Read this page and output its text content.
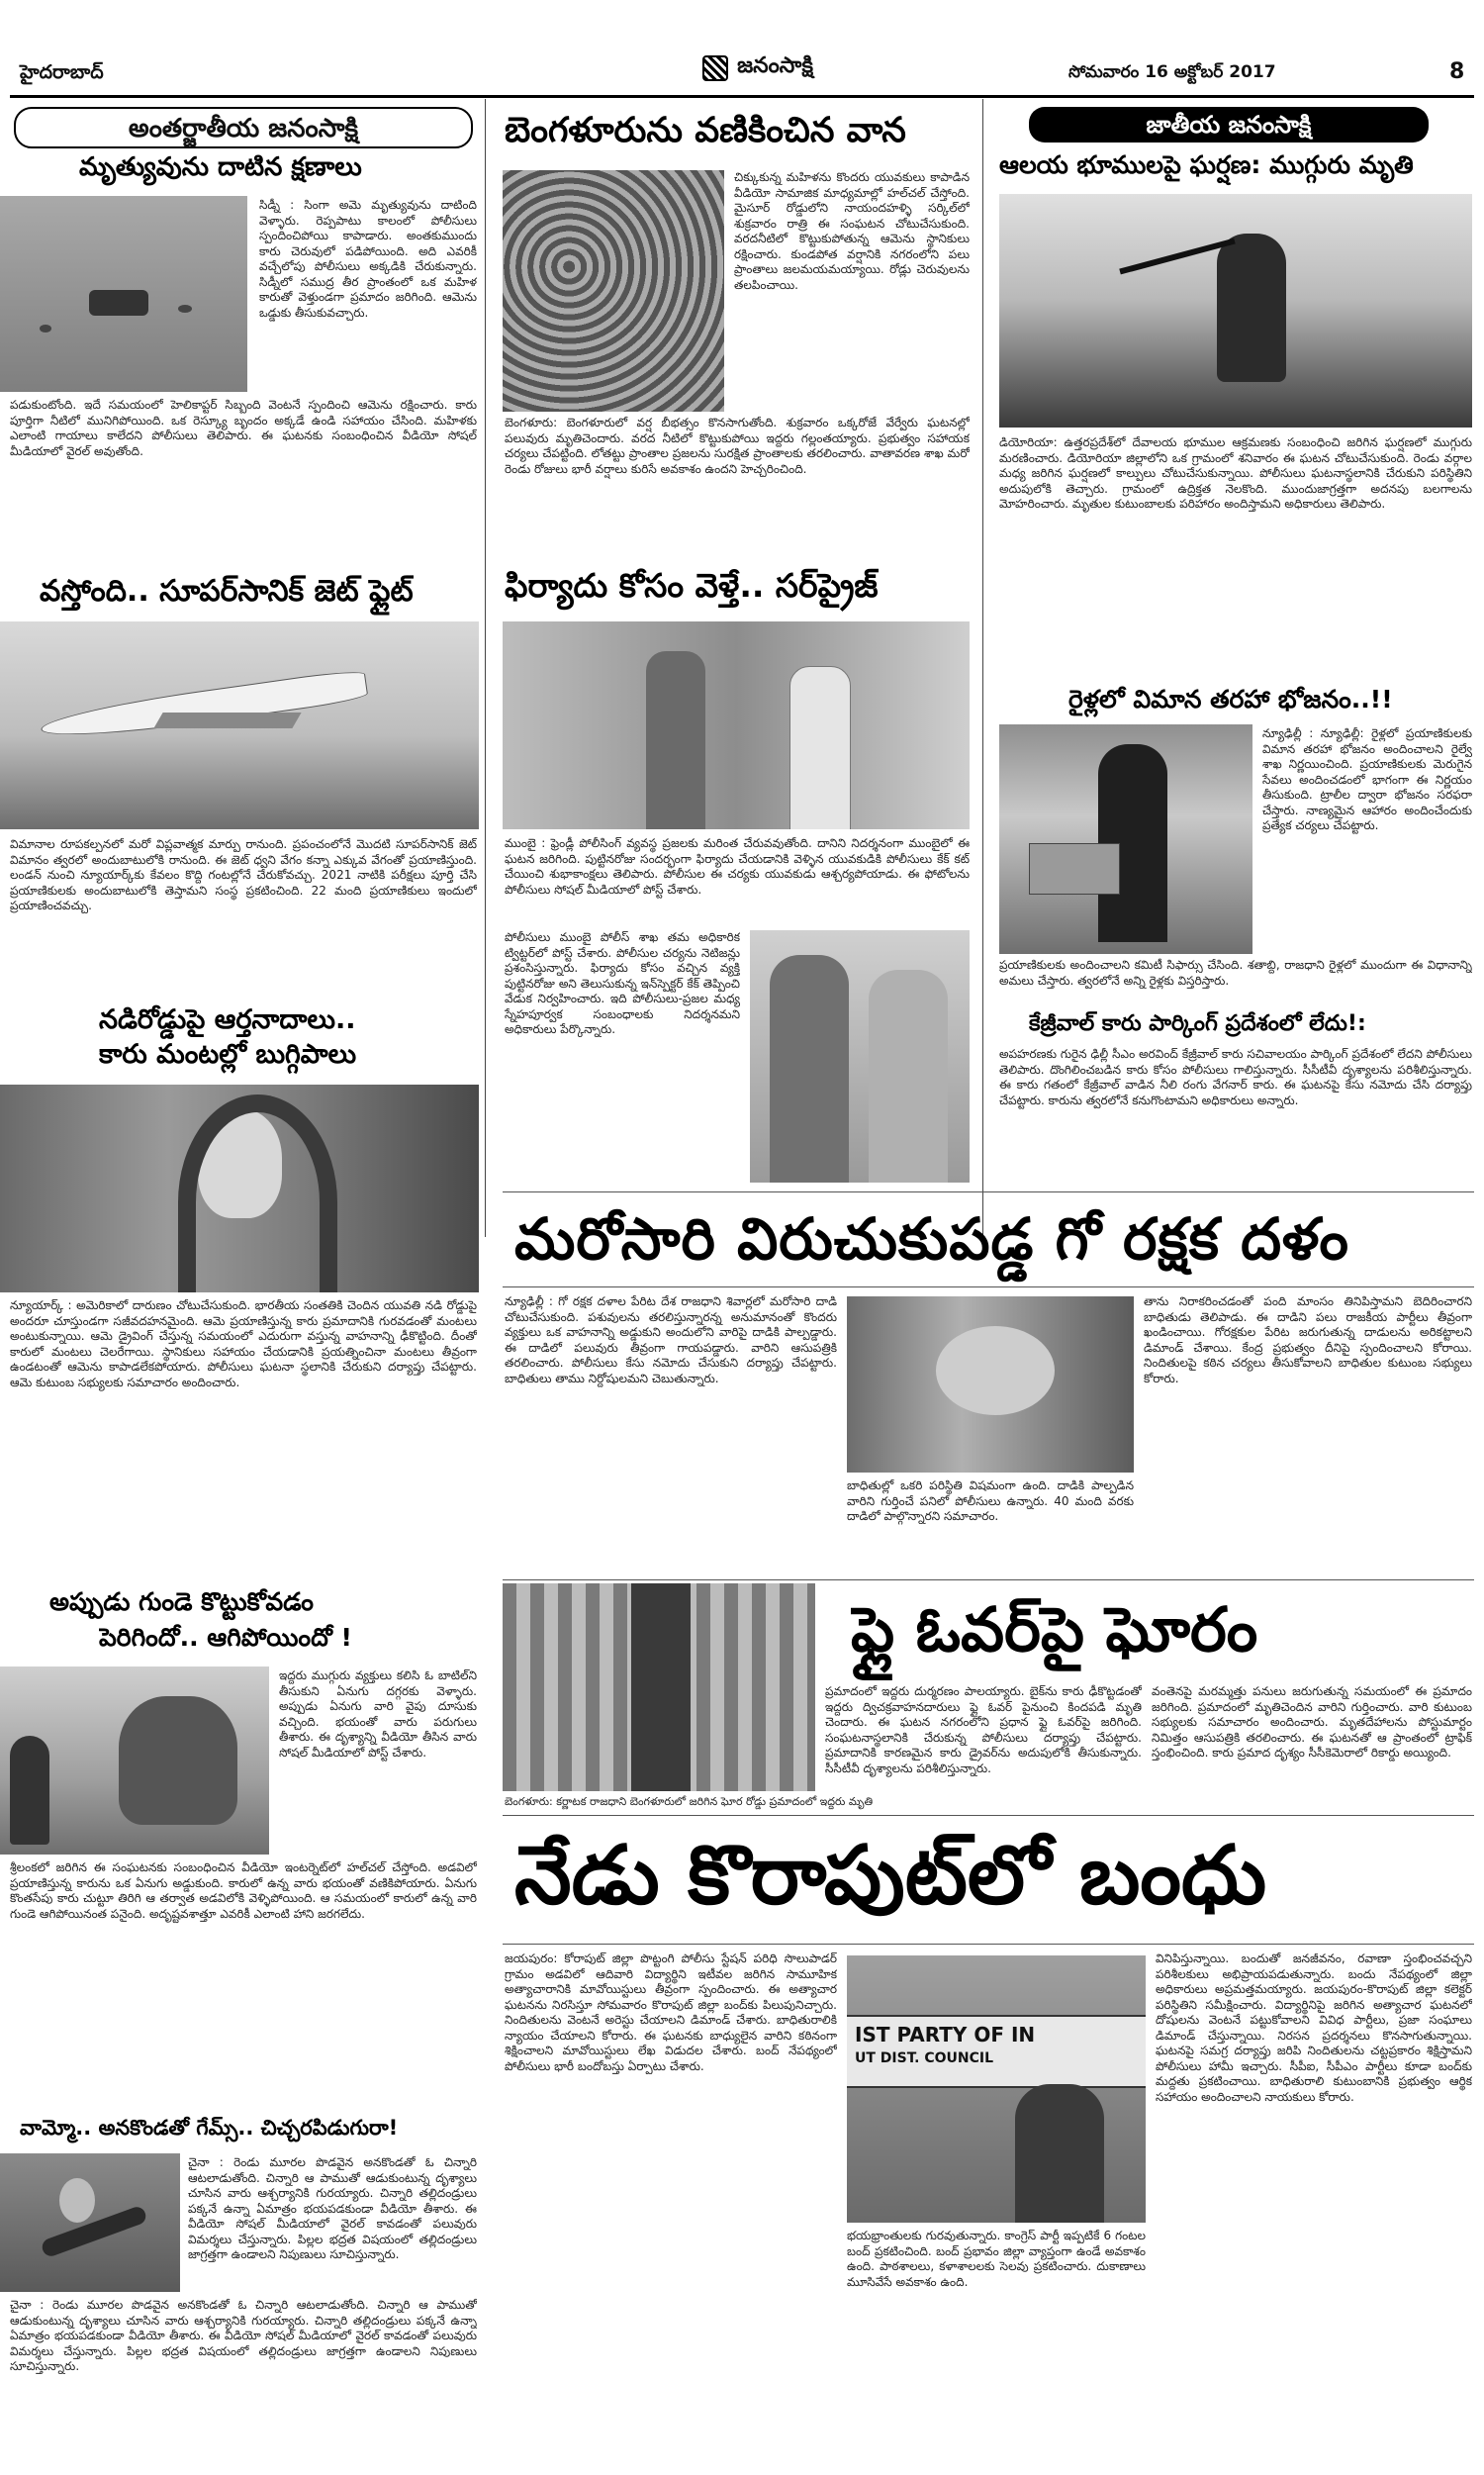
హైదరాబాద్	జనంసాక్షి	సోమవారం 16 అక్టోబర్ 2017	8
అంతర్జాతీయ జనంసాక్షి
మృత్యువును దాటిన క్షణాలు
సిడ్నీ : సింగా అమె మృత్యువును దాటింది వెళ్ళారు. రెప్పపాటు కాలంలో పోలీసులు స్పందించిపోయి కాపాడారు. అంతకుముందు కారు చెరువులో పడిపోయింది. అది ఎవరికీ వచ్చేలోపు పోలీసులు అక్కడికి చేరుకున్నారు. సిడ్నీలో సముద్ర తీర ప్రాంతంలో ఒక మహిళ కారుతో వెళ్తుండగా ప్రమాదం జరిగింది. ఆమెను ఒడ్డుకు తీసుకువచ్చారు.
పడుకుంటోంది. ఇదే సమయంలో హెలికాప్టర్ సిబ్బంది వెంటనే స్పందించి ఆమెను రక్షించారు. కారు పూర్తిగా నీటిలో మునిగిపోయింది. ఒక రెస్క్యూ బృందం అక్కడే ఉండి సహాయం చేసింది. మహిళకు ఎలాంటి గాయాలు కాలేదని పోలీసులు తెలిపారు. ఈ ఘటనకు సంబంధించిన వీడియో సోషల్ మీడియాలో వైరల్ అవుతోంది.
వస్తోంది.. సూపర్‌సానిక్ జెట్ ఫ్లైట్
విమానాల రూపకల్పనలో మరో విప్లవాత్మక మార్పు రానుంది. ప్రపంచంలోనే మొదటి సూపర్‌సానిక్ జెట్ విమానం త్వరలో అందుబాటులోకి రానుంది. ఈ జెట్ ధ్వని వేగం కన్నా ఎక్కువ వేగంతో ప్రయాణిస్తుంది. లండన్ నుంచి న్యూయార్క్‌కు కేవలం కొద్ది గంటల్లోనే చేరుకోవచ్చు. 2021 నాటికి పరీక్షలు పూర్తి చేసి ప్రయాణికులకు అందుబాటులోకి తెస్తామని సంస్థ ప్రకటించింది. 22 మంది ప్రయాణికులు ఇందులో ప్రయాణించవచ్చు.
నడిరోడ్డుపై ఆర్తనాదాలు..
కారు మంటల్లో బుగ్గిపాలు
న్యూయార్క్ : అమెరికాలో దారుణం చోటుచేసుకుంది. భారతీయ సంతతికి చెందిన యువతి నడి రోడ్డుపై అందరూ చూస్తుండగా సజీవదహనమైంది. ఆమె ప్రయాణిస్తున్న కారు ప్రమాదానికి గురవడంతో మంటలు అంటుకున్నాయి. ఆమె డ్రైవింగ్ చేస్తున్న సమయంలో ఎదురుగా వస్తున్న వాహనాన్ని ఢీకొట్టింది. దీంతో కారులో మంటలు చెలరేగాయి. స్థానికులు సహాయం చేయడానికి ప్రయత్నించినా మంటలు తీవ్రంగా ఉండటంతో ఆమెను కాపాడలేకపోయారు. పోలీసులు ఘటనా స్థలానికి చేరుకుని దర్యాప్తు చేపట్టారు. ఆమె కుటుంబ సభ్యులకు సమాచారం అందించారు.
అప్పుడు గుండె కొట్టుకోవడం
పెరిగిందో.. ఆగిపోయిందో !
ఇద్దరు ముగ్గురు వ్యక్తులు కలిసి ఓ బాటిల్‌ని తీసుకుని ఏనుగు దగ్గరకు వెళ్ళారు. అప్పుడు ఏనుగు వారి వైపు దూసుకు వచ్చింది. భయంతో వారు పరుగులు తీశారు. ఈ దృశ్యాన్ని వీడియో తీసిన వారు సోషల్ మీడియాలో పోస్ట్ చేశారు.
శ్రీలంకలో జరిగిన ఈ సంఘటనకు సంబంధించిన వీడియో ఇంటర్నెట్‌లో హల్‌చల్ చేస్తోంది. అడవిలో ప్రయాణిస్తున్న కారును ఒక ఏనుగు అడ్డుకుంది. కారులో ఉన్న వారు భయంతో వణికిపోయారు. ఏనుగు కొంతసేపు కారు చుట్టూ తిరిగి ఆ తర్వాత అడవిలోకి వెళ్ళిపోయింది. ఆ సమయంలో కారులో ఉన్న వారి గుండె ఆగిపోయినంత పనైంది. అదృష్టవశాత్తూ ఎవరికీ ఎలాంటి హాని జరగలేదు.
వామ్మో.. అనకొండతో గేమ్స్.. చిచ్చరపిడుగురా!
చైనా : రెండు మూరల పొడవైన అనకొండతో ఓ చిన్నారి ఆటలాడుతోంది. చిన్నారి ఆ పాముతో ఆడుకుంటున్న దృశ్యాలు చూసిన వారు ఆశ్చర్యానికి గురయ్యారు. చిన్నారి తల్లిదండ్రులు పక్కనే ఉన్నా ఏమాత్రం భయపడకుండా వీడియో తీశారు. ఈ వీడియో సోషల్ మీడియాలో వైరల్ కావడంతో పలువురు విమర్శలు చేస్తున్నారు. పిల్లల భద్రత విషయంలో తల్లిదండ్రులు జాగ్రత్తగా ఉండాలని నిపుణులు సూచిస్తున్నారు.
చైనా : రెండు మూరల పొడవైన అనకొండతో ఓ చిన్నారి ఆటలాడుతోంది. చిన్నారి ఆ పాముతో ఆడుకుంటున్న దృశ్యాలు చూసిన వారు ఆశ్చర్యానికి గురయ్యారు. చిన్నారి తల్లిదండ్రులు పక్కనే ఉన్నా ఏమాత్రం భయపడకుండా వీడియో తీశారు. ఈ వీడియో సోషల్ మీడియాలో వైరల్ కావడంతో పలువురు విమర్శలు చేస్తున్నారు. పిల్లల భద్రత విషయంలో తల్లిదండ్రులు జాగ్రత్తగా ఉండాలని నిపుణులు సూచిస్తున్నారు.
బెంగళూరును వణికించిన వాన
చిక్కుకున్న మహిళను కొందరు యువకులు కాపాడిన వీడియో సామాజిక మాధ్యమాల్లో హల్‌చల్ చేస్తోంది. మైసూర్ రోడ్డులోని నాయందహళ్ళి సర్కిల్‌లో శుక్రవారం రాత్రి ఈ సంఘటన చోటుచేసుకుంది. వరదనీటిలో కొట్టుకుపోతున్న ఆమెను స్థానికులు రక్షించారు. కుండపోత వర్షానికి నగరంలోని పలు ప్రాంతాలు జలమయమయ్యాయి. రోడ్లు చెరువులను తలపించాయి.
బెంగళూరు: బెంగళూరులో వర్ష బీభత్సం కొనసాగుతోంది. శుక్రవారం ఒక్కరోజే వేర్వేరు ఘటనల్లో పలువురు మృతిచెందారు. వరద నీటిలో కొట్టుకుపోయి ఇద్దరు గల్లంతయ్యారు. ప్రభుత్వం సహాయక చర్యలు చేపట్టింది. లోతట్టు ప్రాంతాల ప్రజలను సురక్షిత ప్రాంతాలకు తరలించారు. వాతావరణ శాఖ మరో రెండు రోజులు భారీ వర్షాలు కురిసే అవకాశం ఉందని హెచ్చరించింది.
ఫిర్యాదు కోసం వెళ్తే.. సర్‌ప్రైజ్
ముంబై : ఫ్రెండ్లీ పోలీసింగ్ వ్యవస్థ ప్రజలకు మరింత చేరువవుతోంది. దానిని నిదర్శనంగా ముంబైలో ఈ ఘటన జరిగింది. పుట్టినరోజు సందర్భంగా ఫిర్యాదు చేయడానికి వెళ్ళిన యువకుడికి పోలీసులు కేక్ కట్ చేయించి శుభాకాంక్షలు తెలిపారు. పోలీసుల ఈ చర్యకు యువకుడు ఆశ్చర్యపోయాడు. ఈ ఫోటోలను పోలీసులు సోషల్ మీడియాలో పోస్ట్ చేశారు.
పోలీసులు ముంబై పోలీస్ శాఖ తమ అధికారిక ట్విట్టర్‌లో పోస్ట్ చేశారు. పోలీసుల చర్యను నెటిజన్లు ప్రశంసిస్తున్నారు. ఫిర్యాదు కోసం వచ్చిన వ్యక్తి పుట్టినరోజు అని తెలుసుకున్న ఇన్‌స్పెక్టర్ కేక్ తెప్పించి వేడుక నిర్వహించారు. ఇది పోలీసులు-ప్రజల మధ్య స్నేహపూర్వక సంబంధాలకు నిదర్శనమని అధికారులు పేర్కొన్నారు.
జాతీయ జనంసాక్షి
ఆలయ భూములపై ఘర్షణ: ముగ్గురు మృతి
డియోరియా: ఉత్తరప్రదేశ్‌లో దేవాలయ భూముల ఆక్రమణకు సంబంధించి జరిగిన ఘర్షణలో ముగ్గురు మరణించారు. డియోరియా జిల్లాలోని ఒక గ్రామంలో శనివారం ఈ ఘటన చోటుచేసుకుంది. రెండు వర్గాల మధ్య జరిగిన ఘర్షణలో కాల్పులు చోటుచేసుకున్నాయి. పోలీసులు ఘటనాస్థలానికి చేరుకుని పరిస్థితిని అదుపులోకి తెచ్చారు. గ్రామంలో ఉద్రిక్తత నెలకొంది. ముందుజాగ్రత్తగా అదనపు బలగాలను మోహరించారు. మృతుల కుటుంబాలకు పరిహారం అందిస్తామని అధికారులు తెలిపారు.
రైళ్లలో విమాన తరహా భోజనం..!!
న్యూఢిల్లీ : న్యూఢిల్లీ: రైళ్లలో ప్రయాణికులకు విమాన తరహా భోజనం అందించాలని రైల్వే శాఖ నిర్ణయించింది. ప్రయాణికులకు మెరుగైన సేవలు అందించడంలో భాగంగా ఈ నిర్ణయం తీసుకుంది. ట్రాలీల ద్వారా భోజనం సరఫరా చేస్తారు. నాణ్యమైన ఆహారం అందించేందుకు ప్రత్యేక చర్యలు చేపట్టారు.
ప్రయాణికులకు అందించాలని కమిటీ సిఫార్సు చేసింది. శతాబ్ది, రాజధాని రైళ్లలో ముందుగా ఈ విధానాన్ని అమలు చేస్తారు. త్వరలోనే అన్ని రైళ్లకు విస్తరిస్తారు.
కేజ్రీవాల్ కారు పార్కింగ్ ప్రదేశంలో లేదు!:
అపహరణకు గురైన ఢిల్లీ సీఎం అరవింద్ కేజ్రీవాల్ కారు సచివాలయం పార్కింగ్ ప్రదేశంలో లేదని పోలీసులు తెలిపారు. దొంగిలించబడిన కారు కోసం పోలీసులు గాలిస్తున్నారు. సీసీటీవీ దృశ్యాలను పరిశీలిస్తున్నారు. ఈ కారు గతంలో కేజ్రీవాల్ వాడిన నీలి రంగు వేగనార్ కారు. ఈ ఘటనపై కేసు నమోదు చేసి దర్యాప్తు చేపట్టారు. కారును త్వరలోనే కనుగొంటామని అధికారులు అన్నారు.
మరోసారి విరుచుకుపడ్డ గో రక్షక దళం
న్యూఢిల్లీ : గో రక్షక దళాల పేరిట దేశ రాజధాని శివార్లలో మరోసారి దాడి చోటుచేసుకుంది. పశువులను తరలిస్తున్నారన్న అనుమానంతో కొందరు వ్యక్తులు ఒక వాహనాన్ని అడ్డుకుని అందులోని వారిపై దాడికి పాల్పడ్డారు. ఈ దాడిలో పలువురు తీవ్రంగా గాయపడ్డారు. వారిని ఆసుపత్రికి తరలించారు. పోలీసులు కేసు నమోదు చేసుకుని దర్యాప్తు చేపట్టారు. బాధితులు తాము నిర్దోషులమని చెబుతున్నారు.
బాధితుల్లో ఒకరి పరిస్థితి విషమంగా ఉంది. దాడికి పాల్పడిన వారిని గుర్తించే పనిలో పోలీసులు ఉన్నారు. 40 మంది వరకు దాడిలో పాల్గొన్నారని సమాచారం.
తాను నిరాకరించడంతో పంది మాంసం తినిపిస్తామని బెదిరించారని బాధితుడు తెలిపాడు. ఈ దాడిని పలు రాజకీయ పార్టీలు తీవ్రంగా ఖండించాయి. గోరక్షకుల పేరిట జరుగుతున్న దాడులను అరికట్టాలని డిమాండ్ చేశాయి. కేంద్ర ప్రభుత్వం దీనిపై స్పందించాలని కోరాయి. నిందితులపై కఠిన చర్యలు తీసుకోవాలని బాధితుల కుటుంబ సభ్యులు కోరారు.
ఫ్లై ఓవర్‌పై ఘోరం
ప్రమాదంలో ఇద్దరు దుర్మరణం పాలయ్యారు. బైక్‌ను కారు ఢీకొట్టడంతో ఇద్దరు ద్విచక్రవాహనదారులు ఫ్లై ఓవర్ పైనుంచి కిందపడి మృతి చెందారు. ఈ ఘటన నగరంలోని ప్రధాన ఫ్లై ఓవర్‌పై జరిగింది. సంఘటనాస్థలానికి చేరుకున్న పోలీసులు దర్యాప్తు చేపట్టారు. ప్రమాదానికి కారణమైన కారు డ్రైవర్‌ను అదుపులోకి తీసుకున్నారు. సీసీటీవీ దృశ్యాలను పరిశీలిస్తున్నారు.
వంతెనపై మరమ్మత్తు పనులు జరుగుతున్న సమయంలో ఈ ప్రమాదం జరిగింది. ప్రమాదంలో మృతిచెందిన వారిని గుర్తించారు. వారి కుటుంబ సభ్యులకు సమాచారం అందించారు. మృతదేహాలను పోస్టుమార్టం నిమిత్తం ఆసుపత్రికి తరలించారు. ఈ ఘటనతో ఆ ప్రాంతంలో ట్రాఫిక్ స్తంభించింది. కారు ప్రమాద దృశ్యం సీసీకెమెరాలో రికార్డు అయ్యింది.
బెంగళూరు: కర్ణాటక రాజధాని బెంగళూరులో జరిగిన ఘోర రోడ్డు ప్రమాదంలో ఇద్దరు మృతి
నేడు కొరాపుట్‌లో బంధు
జయపురం: కోరాపుట్ జిల్లా పొట్టంగి పోలీసు స్టేషన్ పరిధి సొలుపాడర్ గ్రామం అడవిలో ఆదివారి విద్యార్థిని ఇటీవల జరిగిన సామూహిక అత్యాచారానికి మావోయిస్టులు తీవ్రంగా స్పందించారు. ఈ అత్యాచార ఘటనను నిరసిస్తూ సోమవారం కొరాపుట్ జిల్లా బంద్‌కు పిలుపునిచ్చారు. నిందితులను వెంటనే అరెస్టు చేయాలని డిమాండ్ చేశారు. బాధితురాలికి న్యాయం చేయాలని కోరారు. ఈ ఘటనకు బాధ్యులైన వారిని కఠినంగా శిక్షించాలని మావోయిస్టులు లేఖ విడుదల చేశారు. బంద్ నేపథ్యంలో పోలీసులు భారీ బందోబస్తు ఏర్పాటు చేశారు.
IST PARTY OF IN
UT DIST. COUNCIL
భయభ్రాంతులకు గురవుతున్నారు. కాంగ్రెస్ పార్టీ ఇప్పటికే 6 గంటల బంద్ ప్రకటించింది. బంద్ ప్రభావం జిల్లా వ్యాప్తంగా ఉండే అవకాశం ఉంది. పాఠశాలలు, కళాశాలలకు సెలవు ప్రకటించారు. దుకాణాలు మూసివేసే అవకాశం ఉంది.
వినిపిస్తున్నాయి. బందుతో జనజీవనం, రవాణా స్తంభించవచ్చని పరిశీలకులు అభిప్రాయపడుతున్నారు. బందు నేపథ్యంలో జిల్లా అధికారులు అప్రమత్తమయ్యారు. జయపురం-కొరాపుట్ జిల్లా కలెక్టర్ పరిస్థితిని సమీక్షించారు. విద్యార్థినిపై జరిగిన అత్యాచార ఘటనలో దోషులను వెంటనే పట్టుకోవాలని వివిధ పార్టీలు, ప్రజా సంఘాలు డిమాండ్ చేస్తున్నాయి. నిరసన ప్రదర్శనలు కొనసాగుతున్నాయి. ఘటనపై సమగ్ర దర్యాప్తు జరిపి నిందితులను చట్టప్రకారం శిక్షిస్తామని పోలీసులు హామీ ఇచ్చారు. సీపీఐ, సీపీఎం పార్టీలు కూడా బంద్‌కు మద్దతు ప్రకటించాయి. బాధితురాలి కుటుంబానికి ప్రభుత్వం ఆర్థిక సహాయం అందించాలని నాయకులు కోరారు.
